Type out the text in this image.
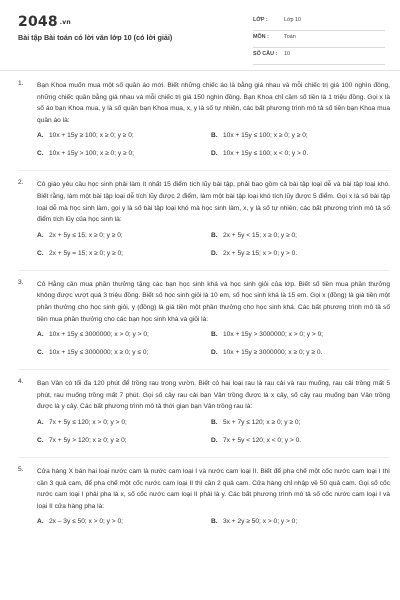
2048 .vn
Bài tập Bài toán có lời văn lớp 10 (có lời giải)
LỚP :	Lớp 10
MÔN :	Toán
SỐ CÂU : 10
1. Bạn Khoa muốn mua một số quần áo mới. Biết những chiếc áo là bằng giá nhau và mỗi chiếc trị giá 100 nghìn đồng, những chiếc quần bằng giá nhau và mỗi chiếc trị giá 150 nghìn đồng. Bạn Khoa chỉ cầm số tiền là 1 triệu đồng. Gọi x là số áo bạn Khoa mua, y là số quần bạn Khoa mua, x, y là số tự nhiên, các bất phương trình mô tả số tiền bạn Khoa mua quần áo là:

A. 10x + 15y ≥ 100; x ≥ 0; y ≥ 0;	B. 10x + 15y ≤ 100; x ≥ 0; y ≥ 0;
C. 10x + 15y > 100; x ≥ 0; y ≥ 0;	D. 10x + 15y ≤ 100; x < 0; y > 0.
2. Cô giáo yêu cầu học sinh phải làm ít nhất 15 điểm tích lũy bài tập, phải bao gồm cả bài tập loại dễ và bài tập loại khó. Biết rằng, làm một bài tập loại dễ tích lũy được 2 điểm, làm một bài tập loại khó tích lũy được 5 điểm. Gọi x là số bài tập loại dễ mà học sinh làm, gọi y là số bài tập loại khó mà học sinh làm, x, y là số tự nhiên, các bất phương trình mô tả số điểm tích lũy của học sinh là:

A. 2x + 5y ≤ 15; x ≥ 0; y ≥ 0;	B. 2x + 5y < 15; x ≥ 0; y ≥ 0;
C. 2x + 5y = 15; x ≥ 0; y ≥ 0;	D. 2x + 5y ≥ 15; x > 0; y > 0.
3. Cô Hằng cần mua phần thưởng tặng các bạn học sinh khá và học sinh giỏi của lớp. Biết số tiền mua phần thưởng không được vượt quá 3 triệu đồng. Biết số học sinh giỏi là 10 em, số học sinh khá là 15 em. Gọi x (đồng) là giá tiền một phần thưởng cho học sinh giỏi, y (đồng) là giá tiền một phần thưởng cho học sinh khá. Các bất phương trình mô tả số tiền mua phần thưởng cho các bạn học sinh khá và giỏi là:

A. 10x + 15y ≤ 3000000; x > 0; y > 0;	B. 10x + 15y > 3000000; x > 0; y > 0;
C. 10x + 15y ≤ 3000000; x ≥ 0; y ≤ 0;	D. 10x + 15y ≥ 3000000; x ≥ 0; y ≥ 0.
4. Bạn Vân có tối đa 120 phút để trồng rau trong vườn. Biết có hai loại rau là rau cải và rau muống, rau cải trồng mất 5 phút, rau muống trồng mất 7 phút. Gọi số cây rau cải bạn Vân trồng được là x cây, số cây rau muống bạn Vân trồng được là y cây. Các bất phương trình mô tả thời gian bạn Vân trồng rau là:

A. 7x + 5y ≤ 120; x > 0; y > 0;	B. 5x + 7y ≤ 120; x ≥ 0; y ≥ 0;
C. 7x + 5y > 120; x ≥ 0; y ≥ 0;	D. 7x + 5y < 120; x < 0; y > 0.
5. Cửa hàng X bán hai loại nước cam là nước cam loại I và nước cam loại II. Biết để pha chế một cốc nước cam loại I thì cần 3 quả cam, để pha chế một cốc nước cam loại II thì cần 2 quả cam. Cửa hàng chỉ nhập về 50 quả cam. Gọi số cốc nước cam loại I phải pha là x, số cốc nước cam loại II phải là y. Các bất phương trình mô tả số cốc nước cam loại I và loại II cửa hàng pha là:

A. 2x – 3y ≤ 50; x > 0; y > 0;	B. 3x + 2y ≥ 50; x > 0; y > 0;
